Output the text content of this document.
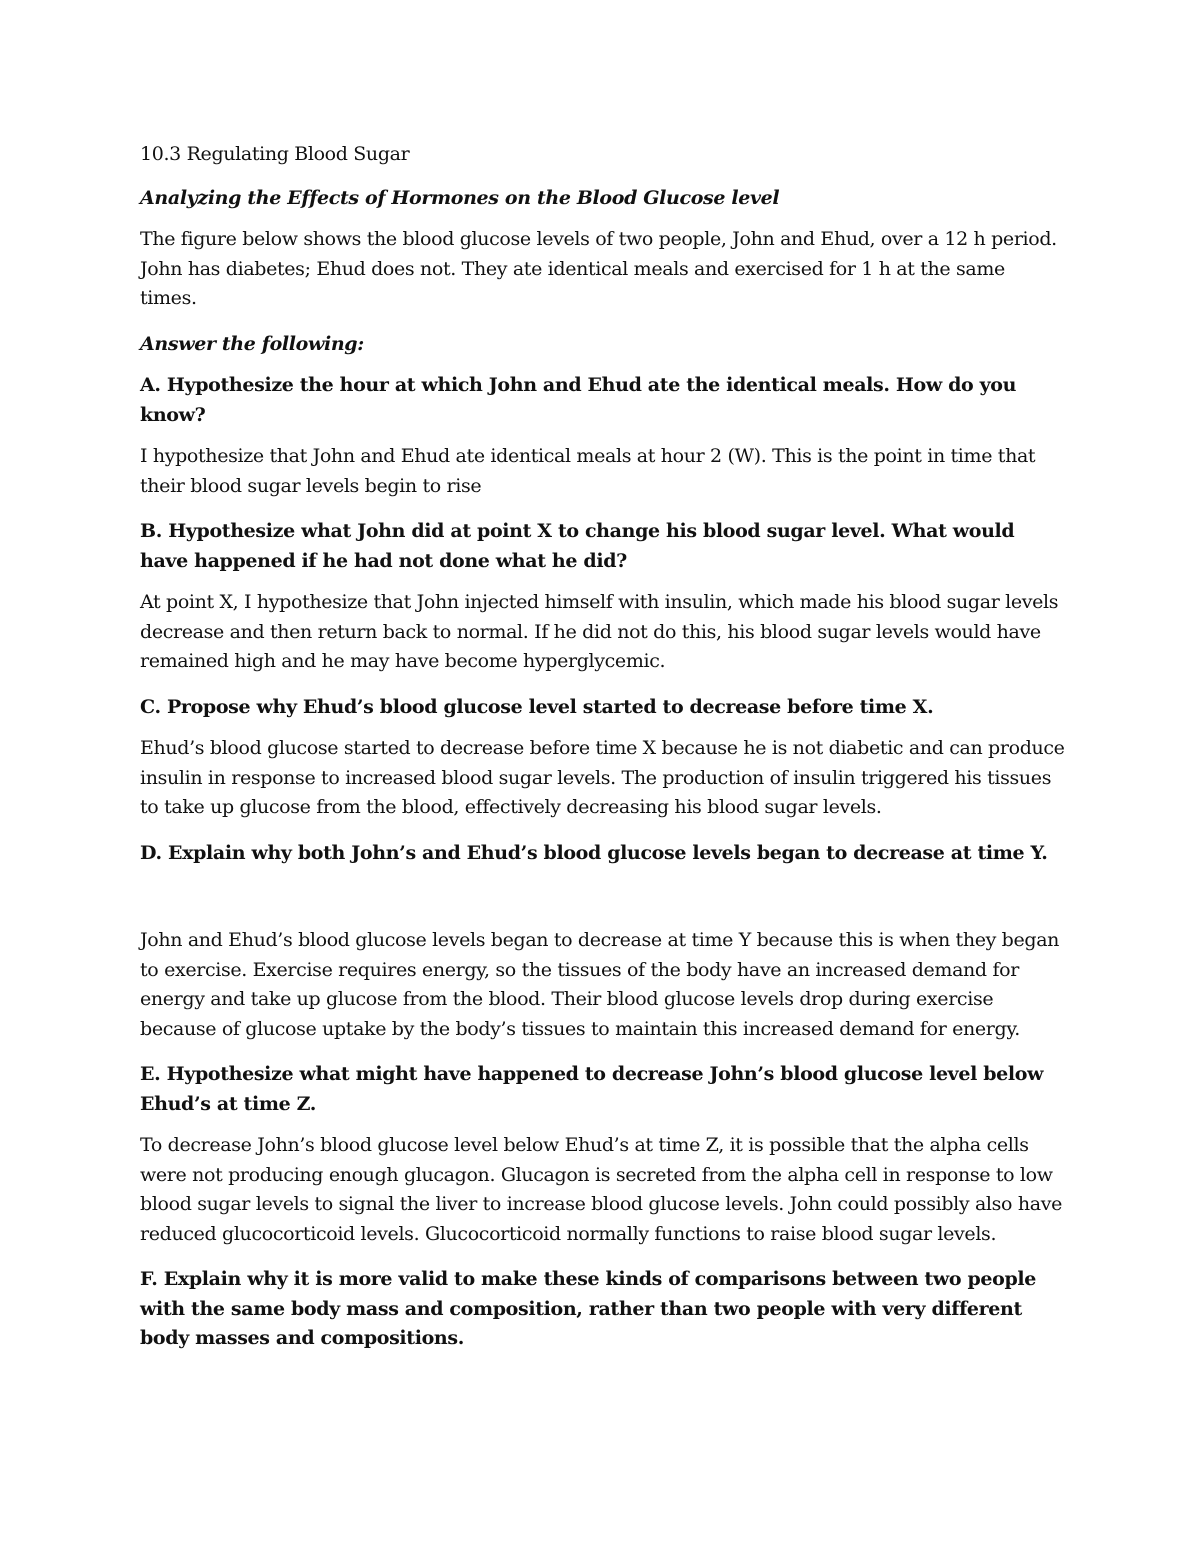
10.3 Regulating Blood Sugar

Analyzing the Effects of Hormones on the Blood Glucose level

The figure below shows the blood glucose levels of two people, John and Ehud, over a 12 h period. John has diabetes; Ehud does not. They ate identical meals and exercised for 1 h at the same times.

Answer the following:

A. Hypothesize the hour at which John and Ehud ate the identical meals. How do you know?

I hypothesize that John and Ehud ate identical meals at hour 2 (W). This is the point in time that their blood sugar levels begin to rise

B. Hypothesize what John did at point X to change his blood sugar level. What would have happened if he had not done what he did?

At point X, I hypothesize that John injected himself with insulin, which made his blood sugar levels decrease and then return back to normal. If he did not do this, his blood sugar levels would have remained high and he may have become hyperglycemic.

C. Propose why Ehud’s blood glucose level started to decrease before time X.

Ehud’s blood glucose started to decrease before time X because he is not diabetic and can produce insulin in response to increased blood sugar levels. The production of insulin triggered his tissues to take up glucose from the blood, effectively decreasing his blood sugar levels.

D. Explain why both John’s and Ehud’s blood glucose levels began to decrease at time Y.

John and Ehud’s blood glucose levels began to decrease at time Y because this is when they began to exercise. Exercise requires energy, so the tissues of the body have an increased demand for energy and take up glucose from the blood. Their blood glucose levels drop during exercise because of glucose uptake by the body’s tissues to maintain this increased demand for energy.

E. Hypothesize what might have happened to decrease John’s blood glucose level below Ehud’s at time Z.

To decrease John’s blood glucose level below Ehud’s at time Z, it is possible that the alpha cells were not producing enough glucagon. Glucagon is secreted from the alpha cell in response to low blood sugar levels to signal the liver to increase blood glucose levels. John could possibly also have reduced glucocorticoid levels. Glucocorticoid normally functions to raise blood sugar levels.

F. Explain why it is more valid to make these kinds of comparisons between two people with the same body mass and composition, rather than two people with very different body masses and compositions.
